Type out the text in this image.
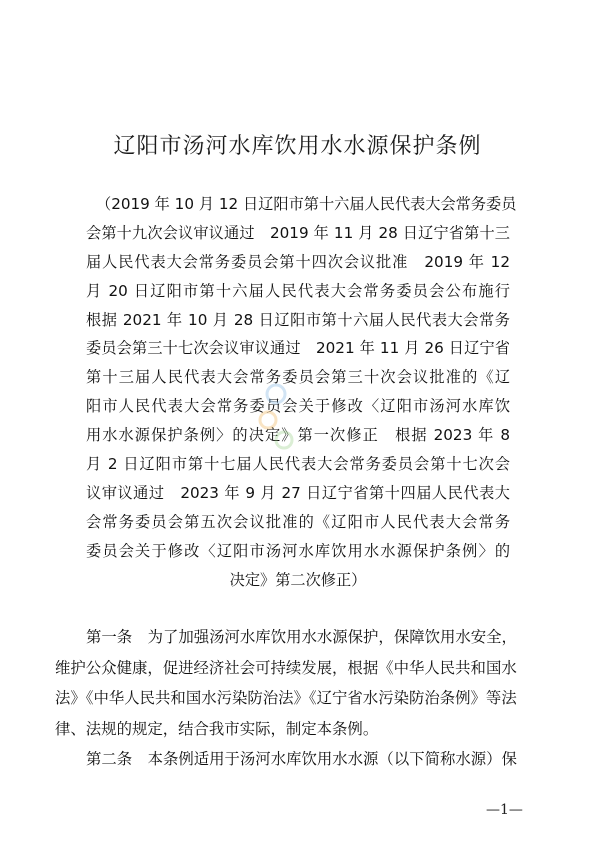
辽阳市汤河水库饮用水水源保护条例
（2019 年 10 月 12 日辽阳市第十六届人民代表大会常务委员
会第十九次会议审议通过　2019 年 11 月 28 日辽宁省第十三
届人民代表大会常务委员会第十四次会议批准　2019 年 12
月 20 日辽阳市第十六届人民代表大会常务委员会公布施行
根据 2021 年 10 月 28 日辽阳市第十六届人民代表大会常务
委员会第三十七次会议审议通过　2021 年 11 月 26 日辽宁省
第十三届人民代表大会常务委员会第三十次会议批准的《辽
阳市人民代表大会常务委员会关于修改〈辽阳市汤河水库饮
用水水源保护条例〉的决定》第一次修正　根据 2023 年 8
月 2 日辽阳市第十七届人民代表大会常务委员会第十七次会
议审议通过　2023 年 9 月 27 日辽宁省第十四届人民代表大
会常务委员会第五次会议批准的《辽阳市人民代表大会常务
委员会关于修改〈辽阳市汤河水库饮用水水源保护条例〉的
决定》第二次修正）
第一条　为了加强汤河水库饮用水水源保护，保障饮用水安全，
维护公众健康，促进经济社会可持续发展，根据《中华人民共和国水
法》《中华人民共和国水污染防治法》《辽宁省水污染防治条例》等法
律、法规的规定，结合我市实际，制定本条例。
第二条　本条例适用于汤河水库饮用水水源（以下简称水源）保
—1—
